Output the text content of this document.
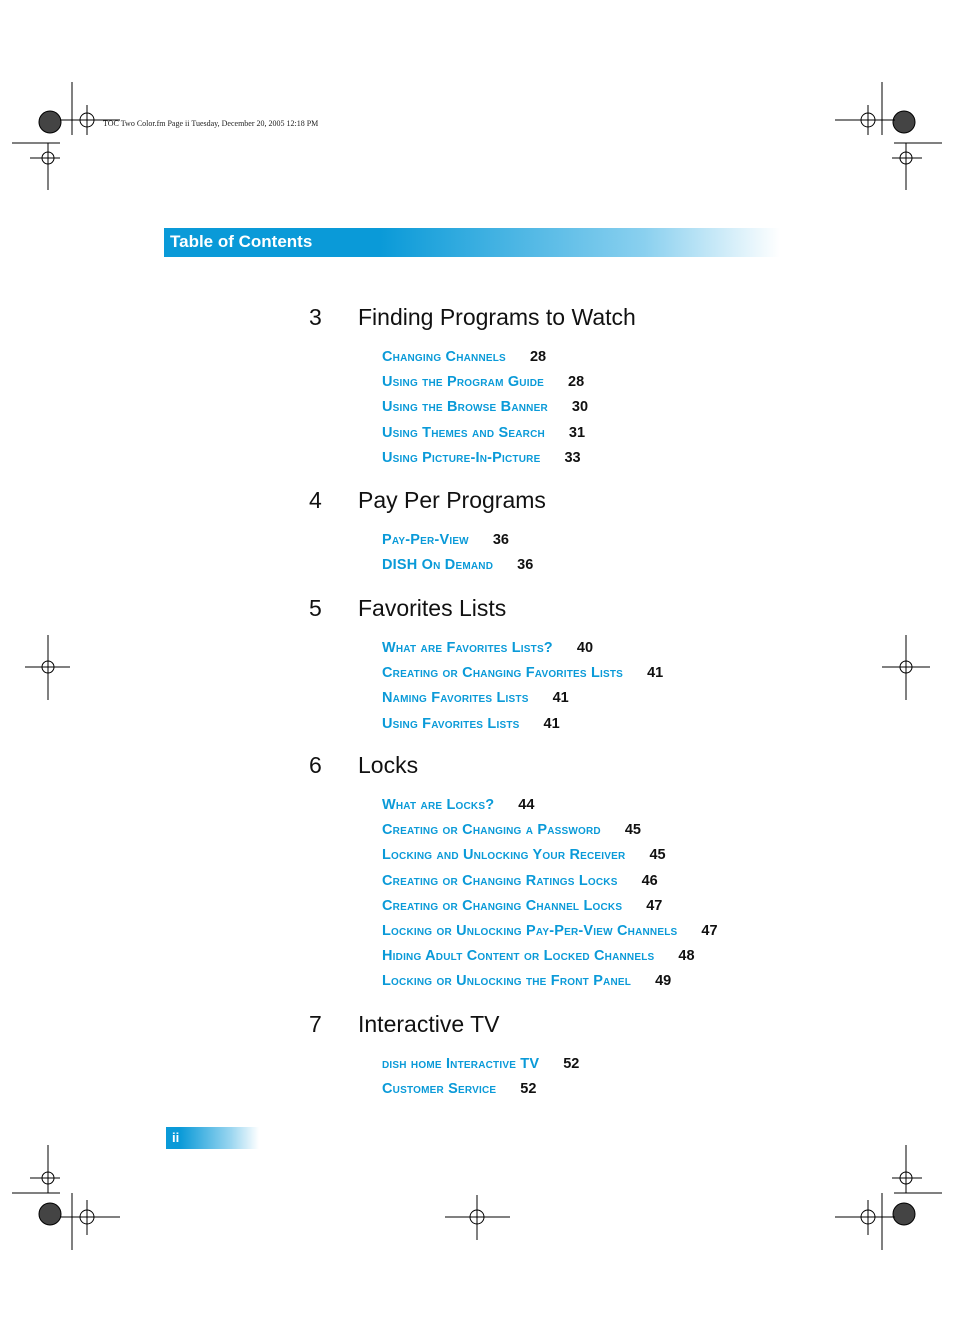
TOC Two Color.fm Page ii Tuesday, December 20, 2005 12:18 PM
Table of Contents
3 Finding Programs to Watch
Changing Channels 28
Using the Program Guide 28
Using the Browse Banner 30
Using Themes and Search 31
Using Picture-In-Picture 33
4 Pay Per Programs
Pay-Per-View 36
DISH On Demand 36
5 Favorites Lists
What are Favorites Lists? 40
Creating or Changing Favorites Lists 41
Naming Favorites Lists 41
Using Favorites Lists 41
6 Locks
What are Locks? 44
Creating or Changing a Password 45
Locking and Unlocking Your Receiver 45
Creating or Changing Ratings Locks 46
Creating or Changing Channel Locks 47
Locking or Unlocking Pay-Per-View Channels 47
Hiding Adult Content or Locked Channels 48
Locking or Unlocking the Front Panel 49
7 Interactive TV
dish home Interactive TV 52
Customer Service 52
ii
